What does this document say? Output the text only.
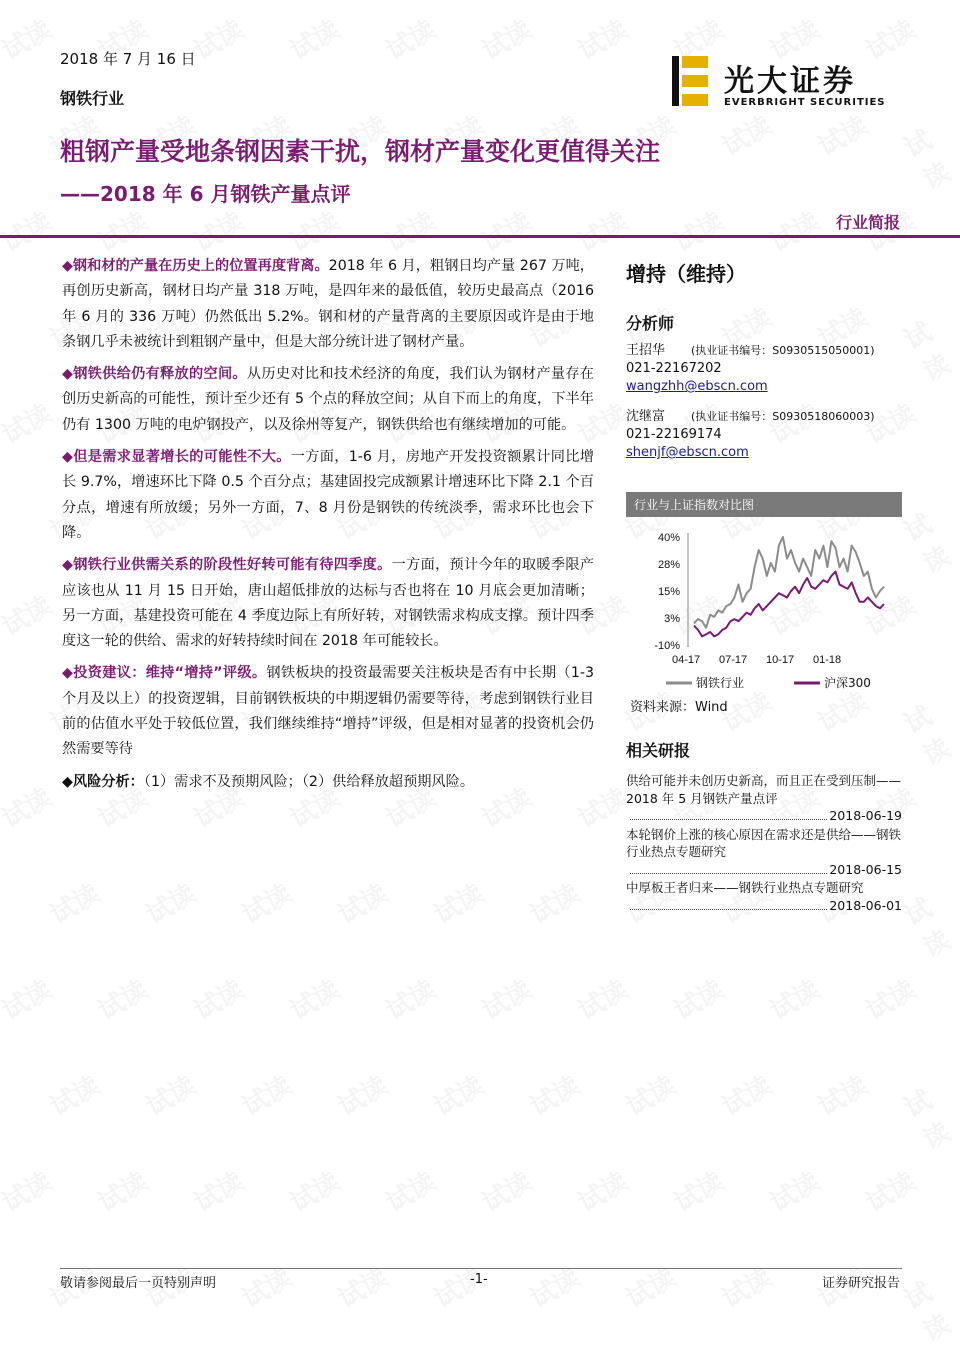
2018 年 7 月 16 日
钢铁行业	光大证券
EVERBRIGHT SECURITIES
粗钢产量受地条钢因素干扰，钢材产量变化更值得关注
——2018 年 6 月钢铁产量点评
行业简报

◆钢和材的产量在历史上的位置再度背离。2018 年 6 月，粗钢日均产量 267 万吨，再创历史新高，钢材日均产量 318 万吨，是四年来的最低值，较历史最高点（2016 年 6 月的 336 万吨）仍然低出 5.2%。钢和材的产量背离的主要原因或许是由于地条钢几乎未被统计到粗钢产量中，但是大部分统计进了钢材产量。

◆钢铁供给仍有释放的空间。从历史对比和技术经济的角度，我们认为钢材产量存在创历史新高的可能性，预计至少还有 5 个点的释放空间；从自下而上的角度，下半年仍有 1300 万吨的电炉钢投产，以及徐州等复产，钢铁供给也有继续增加的可能。

◆但是需求显著增长的可能性不大。一方面，1-6 月，房地产开发投资额累计同比增长 9.7%，增速环比下降 0.5 个百分点；基建固投完成额累计增速环比下降 2.1 个百分点，增速有所放缓；另外一方面，7、8 月份是钢铁的传统淡季，需求环比也会下降。

◆钢铁行业供需关系的阶段性好转可能有待四季度。一方面，预计今年的取暖季限产应该也从 11 月 15 日开始，唐山超低排放的达标与否也将在 10 月底会更加清晰；另一方面，基建投资可能在 4 季度边际上有所好转，对钢铁需求构成支撑。预计四季度这一轮的供给、需求的好转持续时间在 2018 年可能较长。

◆投资建议：维持“增持”评级。钢铁板块的投资最需要关注板块是否有中长期（1-3 个月及以上）的投资逻辑，目前钢铁板块的中期逻辑仍需要等待，考虑到钢铁行业目前的估值水平处于较低位置，我们继续维持“增持”评级，但是相对显著的投资机会仍然需要等待

◆风险分析：（1）需求不及预期风险；（2）供给释放超预期风险。

增持（维持）
分析师
王招华 (执业证书编号：S0930515050001)
021-22167202
wangzhh@ebscn.com
沈继富 (执业证书编号：S0930518060003)
021-22169174
shenjf@ebscn.com
行业与上证指数对比图
40%
28%
15%
3%
-10%
04-17 07-17 10-17 01-18
钢铁行业	沪深300
资料来源：Wind
相关研报
供给可能并未创历史新高，而且正在受到压制——2018 年 5 月钢铁产量点评
2018-06-19
本轮钢价上涨的核心原因在需求还是供给——钢铁行业热点专题研究
2018-06-15
中厚板王者归来——钢铁行业热点专题研究
2018-06-01
敬请参阅最后一页特别声明	-1-	证券研究报告
